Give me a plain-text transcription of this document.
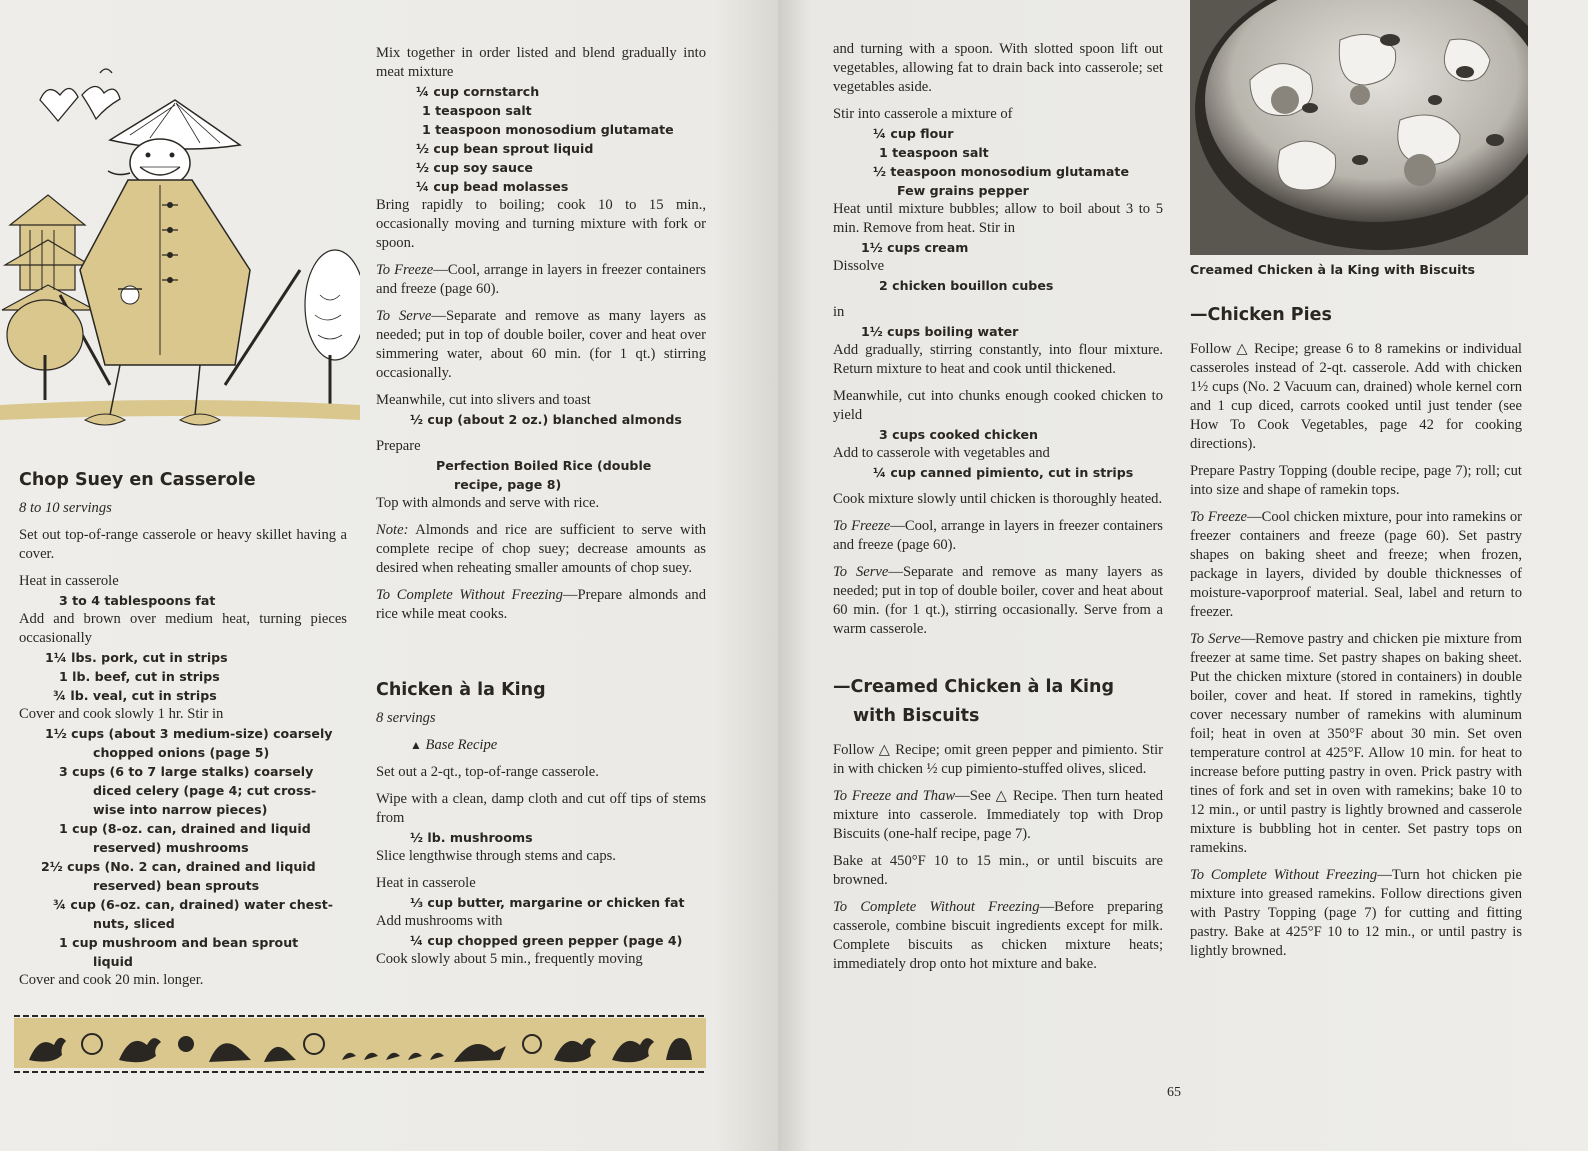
Chop Suey en Casserole

8 to 10 servings

Set out top-of-range casserole or heavy skillet having a cover.

Heat in casserole

3 to 4 tablespoons fat

Add and brown over medium heat, turning pieces occasionally

1¼ lbs. pork, cut in strips

1 lb. beef, cut in strips

¾ lb. veal, cut in strips

Cover and cook slowly 1 hr. Stir in

1½ cups (about 3 medium-size) coarsely

chopped onions (page 5)

3 cups (6 to 7 large stalks) coarsely

diced celery (page 4; cut cross-

wise into narrow pieces)

1 cup (8-oz. can, drained and liquid

reserved) mushrooms

2½ cups (No. 2 can, drained and liquid

reserved) bean sprouts

¾ cup (6-oz. can, drained) water chest-

nuts, sliced

1 cup mushroom and bean sprout

liquid

Cover and cook 20 min. longer.

Mix together in order listed and blend gradually into meat mixture

¼ cup cornstarch

1 teaspoon salt

1 teaspoon monosodium glutamate

½ cup bean sprout liquid

½ cup soy sauce

¼ cup bead molasses

Bring rapidly to boiling; cook 10 to 15 min., occasionally moving and turning mixture with fork or spoon.

To Freeze—Cool, arrange in layers in freezer containers and freeze (page 60).

To Serve—Separate and remove as many layers as needed; put in top of double boiler, cover and heat over simmering water, about 60 min. (for 1 qt.) stirring occasionally.

Meanwhile, cut into slivers and toast

½ cup (about 2 oz.) blanched almonds

Prepare

Perfection Boiled Rice (double

recipe, page 8)

Top with almonds and serve with rice.

Note: Almonds and rice are sufficient to serve with complete recipe of chop suey; decrease amounts as desired when reheating smaller amounts of chop suey.

To Complete Without Freezing—Prepare almonds and rice while meat cooks.

Chicken à la King

8 servings

▲ Base Recipe

Set out a 2-qt., top-of-range casserole.

Wipe with a clean, damp cloth and cut off tips of stems from

½ lb. mushrooms

Slice lengthwise through stems and caps.

Heat in casserole

⅓ cup butter, margarine or chicken fat

Add mushrooms with

¼ cup chopped green pepper (page 4)

Cook slowly about 5 min., frequently moving

and turning with a spoon. With slotted spoon lift out vegetables, allowing fat to drain back into casserole; set vegetables aside.

Stir into casserole a mixture of

¼ cup flour

1 teaspoon salt

½ teaspoon monosodium glutamate

Few grains pepper

Heat until mixture bubbles; allow to boil about 3 to 5 min. Remove from heat. Stir in

1½ cups cream

Dissolve

2 chicken bouillon cubes

in

1½ cups boiling water

Add gradually, stirring constantly, into flour mixture. Return mixture to heat and cook until thickened.

Meanwhile, cut into chunks enough cooked chicken to yield

3 cups cooked chicken

Add to casserole with vegetables and

¼ cup canned pimiento, cut in strips

Cook mixture slowly until chicken is thoroughly heated.

To Freeze—Cool, arrange in layers in freezer containers and freeze (page 60).

To Serve—Separate and remove as many layers as needed; put in top of double boiler, cover and heat about 60 min. (for 1 qt.), stirring occasionally. Serve from a warm casserole.

—Creamed Chicken à la King

with Biscuits

Follow △ Recipe; omit green pepper and pimiento. Stir in with chicken ½ cup pimiento-stuffed olives, sliced.

To Freeze and Thaw—See △ Recipe. Then turn heated mixture into casserole. Immediately top with Drop Biscuits (one-half recipe, page 7).

Bake at 450°F 10 to 15 min., or until biscuits are browned.

To Complete Without Freezing—Before preparing casserole, combine biscuit ingredients except for milk. Complete biscuits as chicken mixture heats; immediately drop onto hot mixture and bake.

Creamed Chicken à la King with Biscuits

—Chicken Pies

Follow △ Recipe; grease 6 to 8 ramekins or individual casseroles instead of 2-qt. casserole. Add with chicken 1½ cups (No. 2 Vacuum can, drained) whole kernel corn and 1 cup diced, carrots cooked until just tender (see How To Cook Vegetables, page 42 for cooking directions).

Prepare Pastry Topping (double recipe, page 7); roll; cut into size and shape of ramekin tops.

To Freeze—Cool chicken mixture, pour into ramekins or freezer containers and freeze (page 60). Set pastry shapes on baking sheet and freeze; when frozen, package in layers, divided by double thicknesses of moisture-vaporproof material. Seal, label and return to freezer.

To Serve—Remove pastry and chicken pie mixture from freezer at same time. Set pastry shapes on baking sheet. Put the chicken mixture (stored in containers) in double boiler, cover and heat. If stored in ramekins, tightly cover necessary number of ramekins with aluminum foil; heat in oven at 350°F about 30 min. Set oven temperature control at 425°F. Allow 10 min. for heat to increase before putting pastry in oven. Prick pastry with tines of fork and set in oven with ramekins; bake 10 to 12 min., or until pastry is lightly browned and casserole mixture is bubbling hot in center. Set pastry tops on ramekins.

To Complete Without Freezing—Turn hot chicken pie mixture into greased ramekins. Follow directions given with Pastry Topping (page 7) for cutting and fitting pastry. Bake at 425°F 10 to 12 min., or until pastry is lightly browned.

65
